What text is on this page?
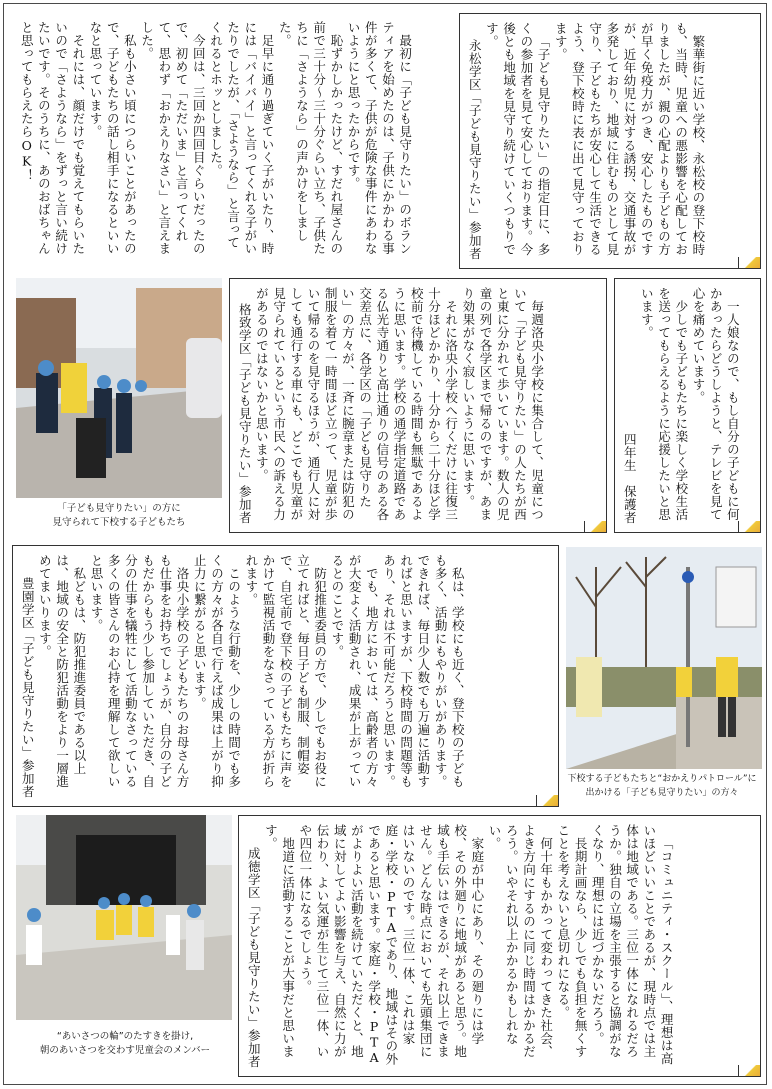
繁華街に近い学校、永松校の登下校時も、当時、児童への悪影響を心配しておりましたが、親の心配よりも子どもの方が早く免疫力がつき、安心したものですが、近年幼児に対する誘拐、交通事故が多発しており、地域に住むものとして見守り、子どもたちが安心して生活できるよう、登下校時に表に出て見守っております。

「子ども見守りたい」の指定日に、多くの参加者を見て安心しております。今後とも地域を見守り続けていくつもりです。

永松学区「子ども見守りたい」参加者

最初に「子ども見守りたい」のボランティアを始めたのは、子供にかかわる事件が多くて、子供が危険な事件にあわないようにと思ったからです。

恥ずかしかったけど、すだれ屋さんの前で三十分〜三十分ぐらい立ち、子供たちに「さようなら」の声かけをしました。

足早に通り過ぎていく子がいたり、時には「バイバイ」と言ってくれる子がいたりでしたが、「さようなら」と言ってくれるとホッとしました。

今回は、三回か四回目ぐらいだったので、初めて「ただいま」と言ってくれて、思わず「おかえりなさい」と言えました。

私も小さい頃につらいことがあったので、子どもたちの話し相手になるといいなと思っています。

それには、顔だけでも覚えてもらいたいので「さようなら」をずっと言い続けたいです。そのうちに、あのおばちゃんと思ってもらえたらOK！

「子ども見守りたい」の方に
見守られて下校する子どもたち

毎週洛央小学校に集合して、児童について「子ども見守りたい」の人たちが西と東に分かれて歩いています。数人の児童の列で各学区まで帰るのですが、あまり効果がなく寂しいように思います。

それに洛央小学校へ行くだけに往復三十分ほどかかり、十分から二十分ほど学校前で待機している時間も無駄であるように思います。学校の通学指定道路である仏光寺通りと高辻通りの信号のある各交差点に、各学区の「子ども見守りたい」の方々が、一斉に腕章または防犯の制服を着て一時間ほど立って、児童が歩いて帰るのを見守るほうが、通行人に対しても通行する車にも、どこでも児童が見守られているという市民への訴える力があるのではないかと思います。

格致学区「子ども見守りたい」参加者	一人娘なので、もし自分の子どもに何かあったらどうしようと、テレビを見て心を痛めています。

少しでも子どもたちに楽しく学校生活を送ってもらえるように応援したいと思います。

四年生　保護者

私は、学校にも近く、登下校の子どもも多く、活動にもやりがいがあります。できれば、毎日少人数でも万遍に活動すればと思いますが、下校時間の問題等もあり、それは不可能だろうと思います。

でも、地方においては、高齢者の方々が大変よく活動され、成果が上がっているとのことです。

防犯推進委員の方で、少しでもお役に立てればと、毎日子ども制服、制帽姿で、自宅前で登下校の子どもたちに声をかけて監視活動をなさっている方が折られます。

このような行動を、少しの時間でも多くの方々が各自で行えば成果は上がり抑止力に繋がると思います。

洛央小学校の子どもたちのお母さん方も仕事をお持ちでしょうが、自分の子どもだからもう少し参加していただき、自分の仕事を犠牲にして活動なさっている多くの皆さんのお心持を理解して欲しいと思います。

私どもは、防犯推進委員である以上は、地域の安全と防犯活動をより一層進めてまいります。

豊園学区「子ども見守りたい」参加者	下校する子どもたちと“おかえりパトロール”に
出かける「子ども見守りたい」の方々
“あいさつの輪”のたすきを掛け,
朝のあいさつを交わす児童会のメンバー	「コミュニティ・スクール」、理想は高いほどいいことであるが、現時点では主体は地域である。三位一体になれるだろうか。独自の立場を主張すると協調がなくなり、理想には近づかないだろう。

長期計画なら、少しでも負担を無くすことを考えないと息切れになる。

何十年もかかって変わってきた社会、よき方向にするのに同じ時間はかかるだろう。いやそれ以上かかるかもしれない。

家庭が中心にあり、その廻りには学校、その外廻りに地域があると思う。地域も手伝いはできるが、それ以上できません。どんな時点においても先頭集団にはいないのです。三位一体、これは家庭・学校・PTAであり、地域はその外であると思います。家庭・学校・PTAがよりよい活動を続けていただくと、地域に対してよい影響を与え、自然に力が伝わり、よい気運が生じて三位一体、いや四位一体になるでしょう。

地道に活動することが大事だと思います。

成徳学区「子ども見守りたい」参加者
